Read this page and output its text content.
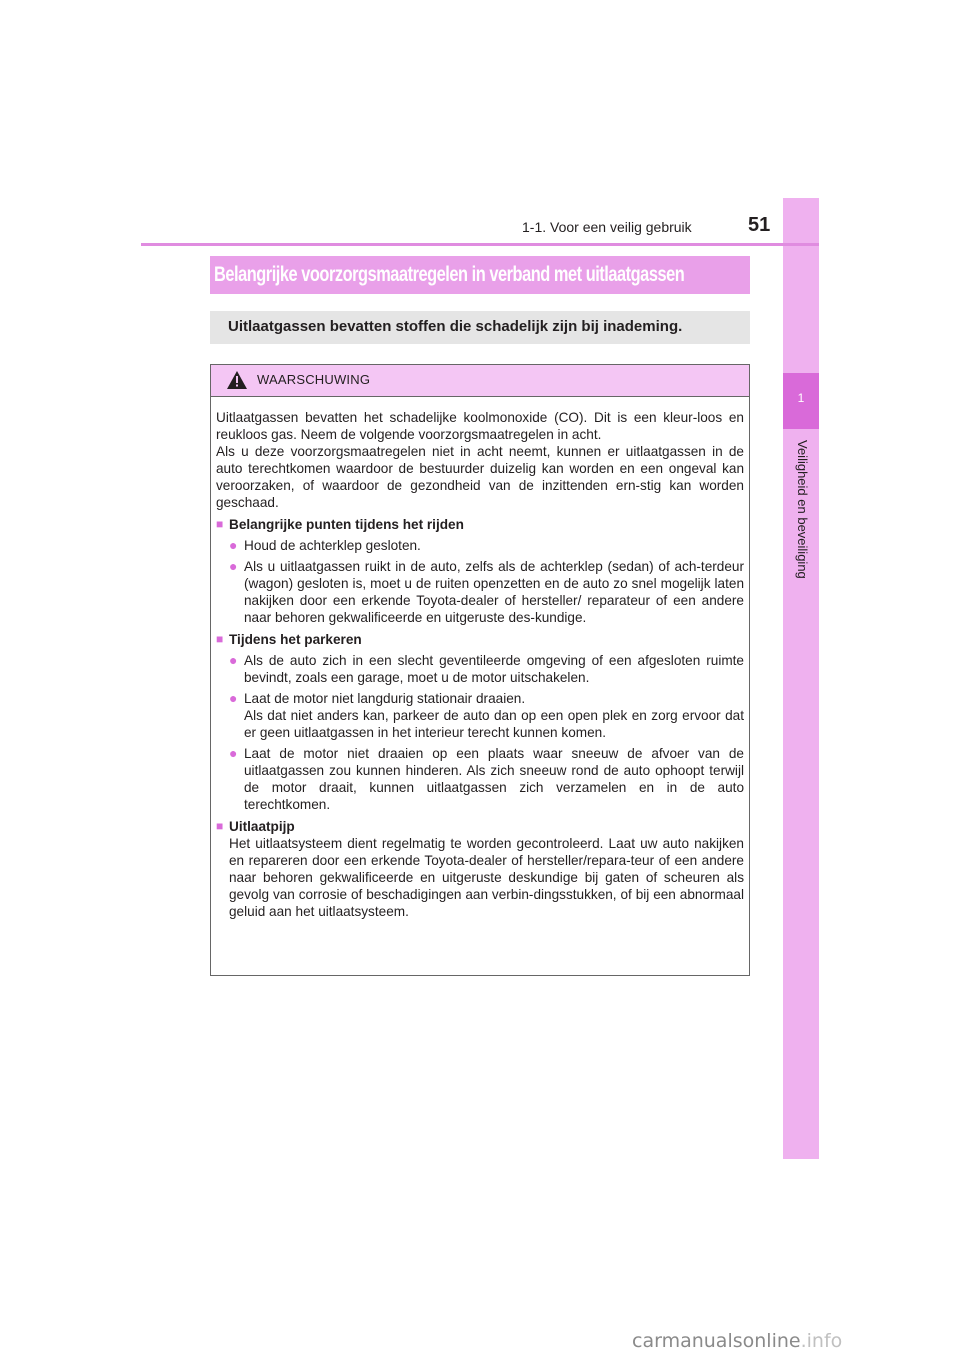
1
Veiligheid en beveiliging
1-1. Voor een veilig gebruik	51
Belangrijke voorzorgsmaatregelen in verband met uitlaatgassen
Uitlaatgassen bevatten stoffen die schadelijk zijn bij inademing.
WAARSCHUWING

Uitlaatgassen bevatten het schadelijke koolmonoxide (CO). Dit is een kleur-loos en reukloos gas. Neem de volgende voorzorgsmaatregelen in acht.

Als u deze voorzorgsmaatregelen niet in acht neemt, kunnen er uitlaatgassen in de auto terechtkomen waardoor de bestuurder duizelig kan worden en een ongeval kan veroorzaken, of waardoor de gezondheid van de inzittenden ern-stig kan worden geschaad.

■ Belangrijke punten tijdens het rijden
● Houd de achterklep gesloten.
● Als u uitlaatgassen ruikt in de auto, zelfs als de achterklep (sedan) of ach-terdeur (wagon) gesloten is, moet u de ruiten openzetten en de auto zo snel mogelijk laten nakijken door een erkende Toyota-dealer of hersteller/ reparateur of een andere naar behoren gekwalificeerde en uitgeruste des-kundige.
■ Tijdens het parkeren
● Als de auto zich in een slecht geventileerde omgeving of een afgesloten ruimte bevindt, zoals een garage, moet u de motor uitschakelen.
● Laat de motor niet langdurig stationair draaien.
Als dat niet anders kan, parkeer de auto dan op een open plek en zorg ervoor dat er geen uitlaatgassen in het interieur terecht kunnen komen.
● Laat de motor niet draaien op een plaats waar sneeuw de afvoer van de uitlaatgassen zou kunnen hinderen. Als zich sneeuw rond de auto ophoopt terwijl de motor draait, kunnen uitlaatgassen zich verzamelen en in de auto terechtkomen.
■ Uitlaatpijp
Het uitlaatsysteem dient regelmatig te worden gecontroleerd. Laat uw auto nakijken en repareren door een erkende Toyota-dealer of hersteller/repara-teur of een andere naar behoren gekwalificeerde en uitgeruste deskundige bij gaten of scheuren als gevolg van corrosie of beschadigingen aan verbin-dingsstukken, of bij een abnormaal geluid aan het uitlaatsysteem.
carmanualsonline.info
